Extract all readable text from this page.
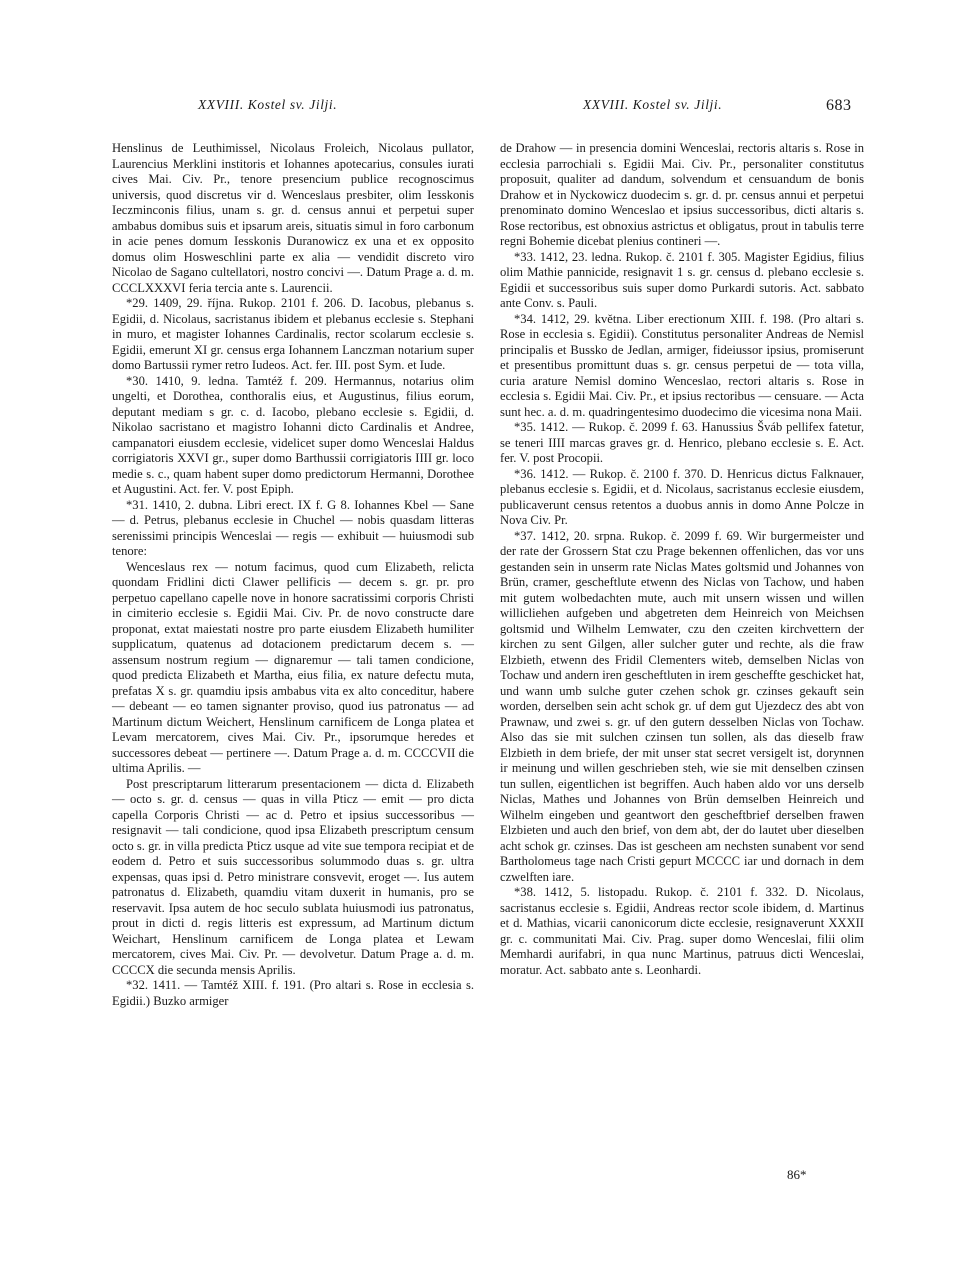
XXVIII. Kostel sv. Jilji.	XXVIII. Kostel sv. Jilji.	683

Henslinus de Leuthimissel, Nicolaus Froleich, Nicolaus pullator, Laurencius Merklini institoris et Iohannes apotecarius, consules iurati cives Mai. Civ. Pr., tenore presencium publice recognoscimus universis, quod discretus vir d. Wenceslaus presbiter, olim Iesskonis Ieczminconis filius, unam s. gr. d. census annui et perpetui super ambabus domibus suis et ipsarum areis, situatis simul in foro carbonum in acie penes domum Iesskonis Duranowicz ex una et ex opposito domus olim Hosweschlini parte ex alia — vendidit discreto viro Nicolao de Sagano cultellatori, nostro concivi —. Datum Prage a. d. m. CCCLXXXVI feria tercia ante s. Laurencii.

*29. 1409, 29. října. Rukop. 2101 f. 206. D. Iacobus, plebanus s. Egidii, d. Nicolaus, sacristanus ibidem et plebanus ecclesie s. Stephani in muro, et magister Iohannes Cardinalis, rector scolarum ecclesie s. Egidii, emerunt XI gr. census erga Iohannem Lanczman notarium super domo Bartussii rymer retro Iudeos. Act. fer. III. post Sym. et Iude.

*30. 1410, 9. ledna. Tamtéž f. 209. Hermannus, notarius olim ungelti, et Dorothea, conthoralis eius, et Augustinus, filius eorum, deputant mediam s gr. c. d. Iacobo, plebano ecclesie s. Egidii, d. Nikolao sacristano et magistro Iohanni dicto Cardinalis et Andree, campanatori eiusdem ecclesie, videlicet super domo Wenceslai Haldus corrigiatoris XXVI gr., super domo Barthussii corrigiatoris IIII gr. loco medie s. c., quam habent super domo predictorum Hermanni, Dorothee et Augustini. Act. fer. V. post Epiph.

*31. 1410, 2. dubna. Libri erect. IX f. G 8. Iohannes Kbel — Sane — d. Petrus, plebanus ecclesie in Chuchel — nobis quasdam litteras serenissimi principis Wenceslai — regis — exhibuit — huiusmodi sub tenore:

Wenceslaus rex — notum facimus, quod cum Elizabeth, relicta quondam Fridlini dicti Clawer pellificis — decem s. gr. pr. pro perpetuo capellano capelle nove in honore sacratissimi corporis Christi in cimiterio ecclesie s. Egidii Mai. Civ. Pr. de novo constructe dare proponat, extat maiestati nostre pro parte eiusdem Elizabeth humiliter supplicatum, quatenus ad dotacionem predictarum decem s. — assensum nostrum regium — dignaremur — tali tamen condicione, quod predicta Elizabeth et Martha, eius filia, ex nature defectu muta, prefatas X s. gr. quamdiu ipsis ambabus vita ex alto conceditur, habere — debeant — eo tamen signanter proviso, quod ius patronatus — ad Martinum dictum Weichert, Henslinum carnificem de Longa platea et Levam mercatorem, cives Mai. Civ. Pr., ipsorumque heredes et successores debeat — pertinere —. Datum Prage a. d. m. CCCCVII die ultima Aprilis. —

Post prescriptarum litterarum presentacionem — dicta d. Elizabeth — octo s. gr. d. census — quas in villa Pticz — emit — pro dicta capella Corporis Christi — ac d. Petro et ipsius successoribus — resignavit — tali condicione, quod ipsa Elizabeth prescriptum censum octo s. gr. in villa predicta Pticz usque ad vite sue tempora recipiat et de eodem d. Petro et suis successoribus solummodo duas s. gr. ultra expensas, quas ipsi d. Petro ministrare consvevit, eroget —. Ius autem patronatus d. Elizabeth, quamdiu vitam duxerit in humanis, pro se reservavit. Ipsa autem de hoc seculo sublata huiusmodi ius patronatus, prout in dicti d. regis litteris est expressum, ad Martinum dictum Weichart, Henslinum carnificem de Longa platea et Lewam mercatorem, cives Mai. Civ. Pr. — devolvetur. Datum Prage a. d. m. CCCCX die secunda mensis Aprilis.

*32. 1411. — Tamtéž XIII. f. 191. (Pro altari s. Rose in ecclesia s. Egidii.) Buzko armiger

de Drahow — in presencia domini Wenceslai, rectoris altaris s. Rose in ecclesia parrochiali s. Egidii Mai. Civ. Pr., personaliter constitutus proposuit, qualiter ad dandum, solvendum et censuandum de bonis Drahow et in Nyckowicz duodecim s. gr. d. pr. census annui et perpetui prenominato domino Wenceslao et ipsius successoribus, dicti altaris s. Rose rectoribus, est obnoxius astrictus et obligatus, prout in tabulis terre regni Bohemie dicebat plenius contineri —.

*33. 1412, 23. ledna. Rukop. č. 2101 f. 305. Magister Egidius, filius olim Mathie pannicide, resignavit 1 s. gr. census d. plebano ecclesie s. Egidii et successoribus suis super domo Purkardi sutoris. Act. sabbato ante Conv. s. Pauli.

*34. 1412, 29. května. Liber erectionum XIII. f. 198. (Pro altari s. Rose in ecclesia s. Egidii). Constitutus personaliter Andreas de Nemisl principalis et Bussko de Jedlan, armiger, fideiussor ipsius, promiserunt et presentibus promittunt duas s. gr. census perpetui de — tota villa, curia arature Nemisl domino Wenceslao, rectori altaris s. Rose in ecclesia s. Egidii Mai. Civ. Pr., et ipsius rectoribus — censuare. — Acta sunt hec. a. d. m. quadringentesimo duodecimo die vicesima nona Maii.

*35. 1412. — Rukop. č. 2099 f. 63. Hanussius Šváb pellifex fatetur, se teneri IIII marcas graves gr. d. Henrico, plebano ecclesie s. E. Act. fer. V. post Procopii.

*36. 1412. — Rukop. č. 2100 f. 370. D. Henricus dictus Falknauer, plebanus ecclesie s. Egidii, et d. Nicolaus, sacristanus ecclesie eiusdem, publicaverunt census retentos a duobus annis in domo Anne Polcze in Nova Civ. Pr.

*37. 1412, 20. srpna. Rukop. č. 2099 f. 69. Wir burgermeister und der rate der Grossern Stat czu Prage bekennen offenlichen, das vor uns gestanden sein in unserm rate Niclas Mates goltsmid und Johannes von Brün, cramer, gescheftlute etwenn des Niclas von Tachow, und haben mit gutem wolbedachten mute, auch mit unsern wissen und willen willicliehen aufgeben und abgetreten dem Heinreich von Meichsen goltsmid und Wilhelm Lemwater, czu den czeiten kirchvettern der kirchen zu sent Gilgen, aller sulcher guter und rechte, als die fraw Elzbieth, etwenn des Fridil Clementers witeb, demselben Niclas von Tochaw und andern iren gescheftluten in irem gescheffte geschicket hat, und wann umb sulche guter czehen schok gr. czinses gekauft sein worden, derselben sein acht schok gr. uf dem gut Ujezdecz des abt von Prawnaw, und zwei s. gr. uf den gutern desselben Niclas von Tochaw. Also das sie mit sulchen czinsen tun sollen, als das dieselb fraw Elzbieth in dem briefe, der mit unser stat secret versigelt ist, dorynnen ir meinung und willen geschrieben steh, wie sie mit denselben czinsen tun sullen, eigentlichen ist begriffen. Auch haben aldo vor uns derselb Niclas, Mathes und Johannes von Brün demselben Heinreich und Wilhelm eingeben und geantwort den gescheftbrief derselben frawen Elzbieten und auch den brief, von dem abt, der do lautet uber dieselben acht schok gr. czinses. Das ist gescheen am nechsten sunabent vor send Bartholomeus tage nach Cristi gepurt MCCCC iar und dornach in dem czwelften iare.

*38. 1412, 5. listopadu. Rukop. č. 2101 f. 332. D. Nicolaus, sacristanus ecclesie s. Egidii, Andreas rector scole ibidem, d. Martinus et d. Mathias, vicarii canonicorum dicte ecclesie, resignaverunt XXXII gr. c. communitati Mai. Civ. Prag. super domo Wenceslai, filii olim Memhardi aurifabri, in qua nunc Martinus, patruus dicti Wenceslai, moratur. Act. sabbato ante s. Leonhardi.

86*
